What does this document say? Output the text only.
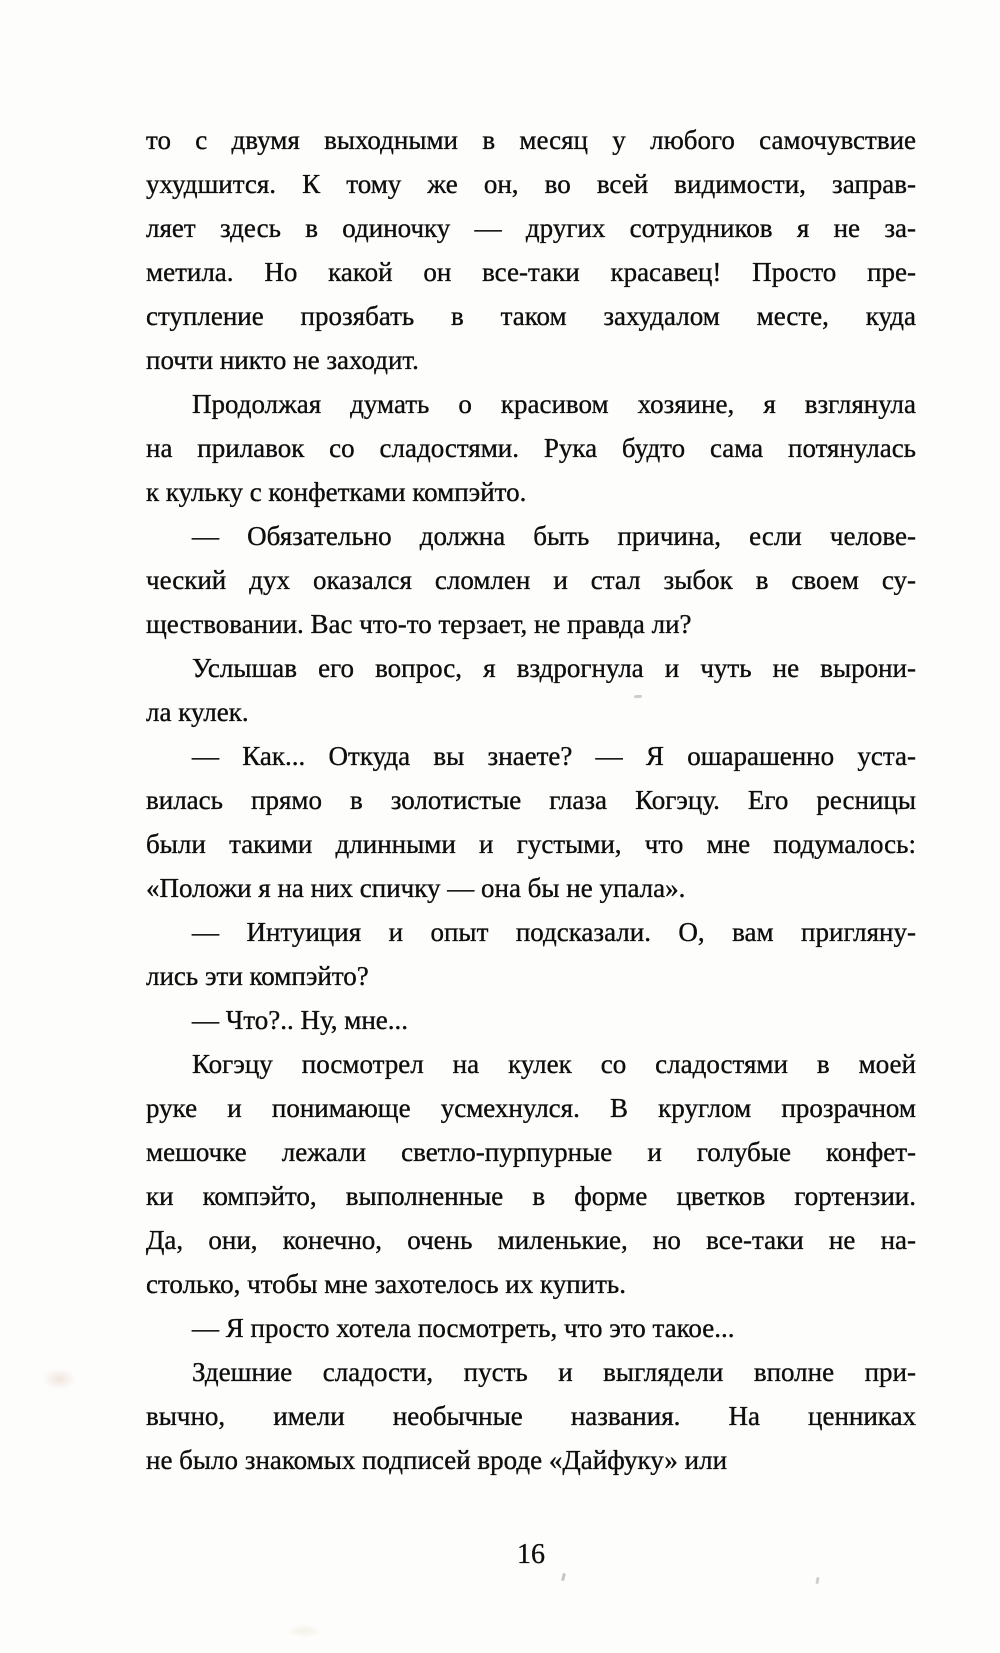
то с двумя выходными в месяц у любого самочувствие
ухудшится. К тому же он, во всей видимости, заправ-
ляет здесь в одиночку — других сотрудников я не за-
метила. Но какой он все-таки красавец! Просто пре-
ступление прозябать в таком захудалом месте, куда
почти никто не заходит.
Продолжая думать о красивом хозяине, я взглянула
на прилавок со сладостями. Рука будто сама потянулась
к кульку с конфетками компэйто.
— Обязательно должна быть причина, если челове-
ческий дух оказался сломлен и стал зыбок в своем су-
ществовании. Вас что-то терзает, не правда ли?
Услышав его вопрос, я вздрогнула и чуть не вырони-
ла кулек.
— Как... Откуда вы знаете? — Я ошарашенно уста-
вилась прямо в золотистые глаза Когэцу. Его ресницы
были такими длинными и густыми, что мне подумалось:
«Положи я на них спичку — она бы не упала».
— Интуиция и опыт подсказали. О, вам пригляну-
лись эти компэйто?
— Что?.. Ну, мне...
Когэцу посмотрел на кулек со сладостями в моей
руке и понимающе усмехнулся. В круглом прозрачном
мешочке лежали светло-пурпурные и голубые конфет-
ки компэйто, выполненные в форме цветков гортензии.
Да, они, конечно, очень миленькие, но все-таки не на-
столько, чтобы мне захотелось их купить.
— Я просто хотела посмотреть, что это такое...
Здешние сладости, пусть и выглядели вполне при-
вычно, имели необычные названия. На ценниках
не было знакомых подписей вроде «Дайфуку» или
16
